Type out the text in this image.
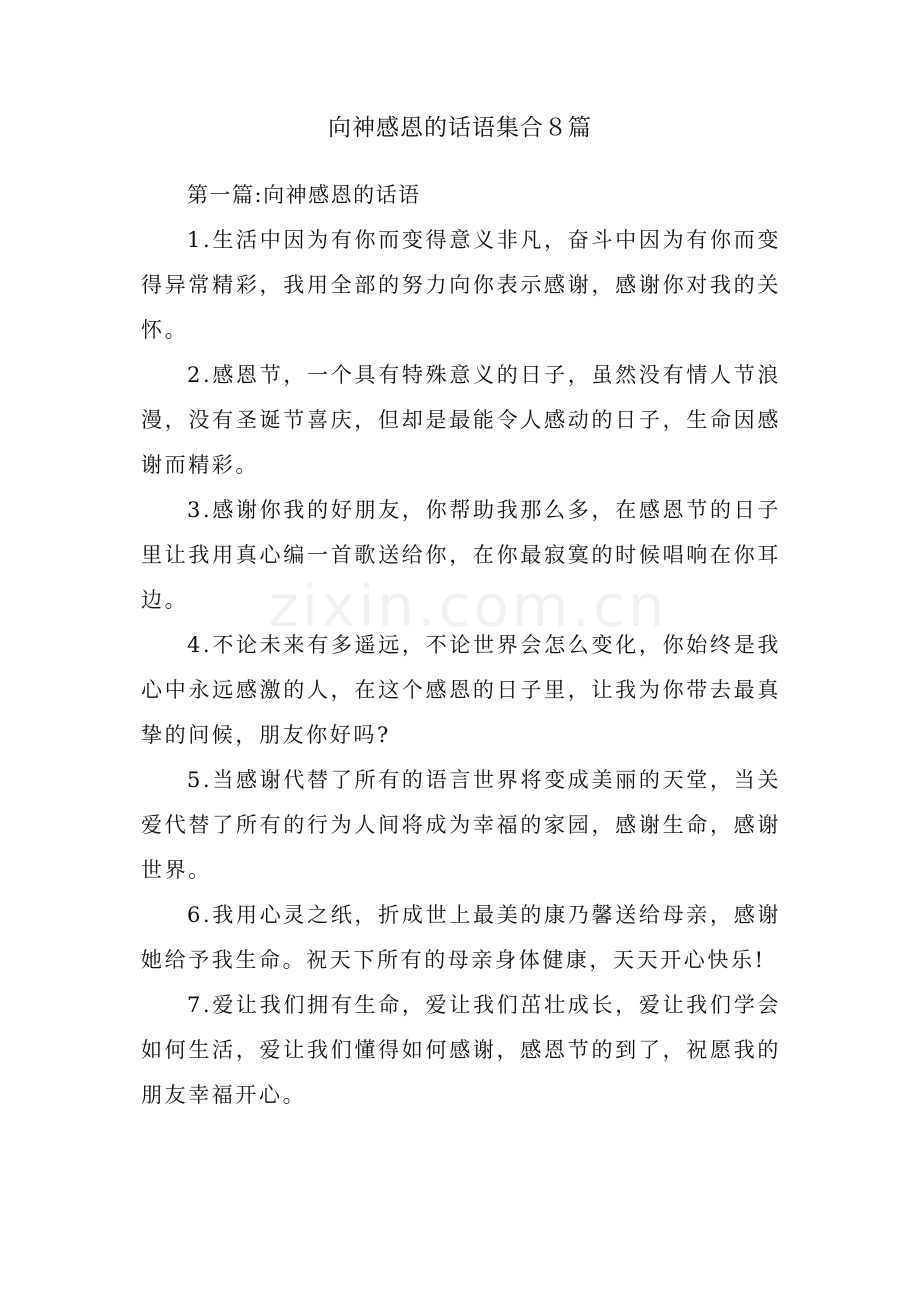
向神感恩的话语集合８篇

第一篇:向神感恩的话语

1.生活中因为有你而变得意义非凡，奋斗中因为有你而变得异常精彩，我用全部的努力向你表示感谢，感谢你对我的关怀。

2.感恩节，一个具有特殊意义的日子，虽然没有情人节浪漫，没有圣诞节喜庆，但却是最能令人感动的日子，生命因感谢而精彩。

3.感谢你我的好朋友，你帮助我那么多，在感恩节的日子里让我用真心编一首歌送给你，在你最寂寞的时候唱响在你耳边。

4.不论未来有多遥远，不论世界会怎么变化，你始终是我心中永远感激的人，在这个感恩的日子里，让我为你带去最真挚的问候，朋友你好吗?

5.当感谢代替了所有的语言世界将变成美丽的天堂，当关爱代替了所有的行为人间将成为幸福的家园，感谢生命，感谢世界。

6.我用心灵之纸，折成世上最美的康乃馨送给母亲，感谢她给予我生命。祝天下所有的母亲身体健康，天天开心快乐!

7.爱让我们拥有生命，爱让我们茁壮成长，爱让我们学会如何生活，爱让我们懂得如何感谢，感恩节的到了，祝愿我的朋友幸福开心。

zixin.com.cn
